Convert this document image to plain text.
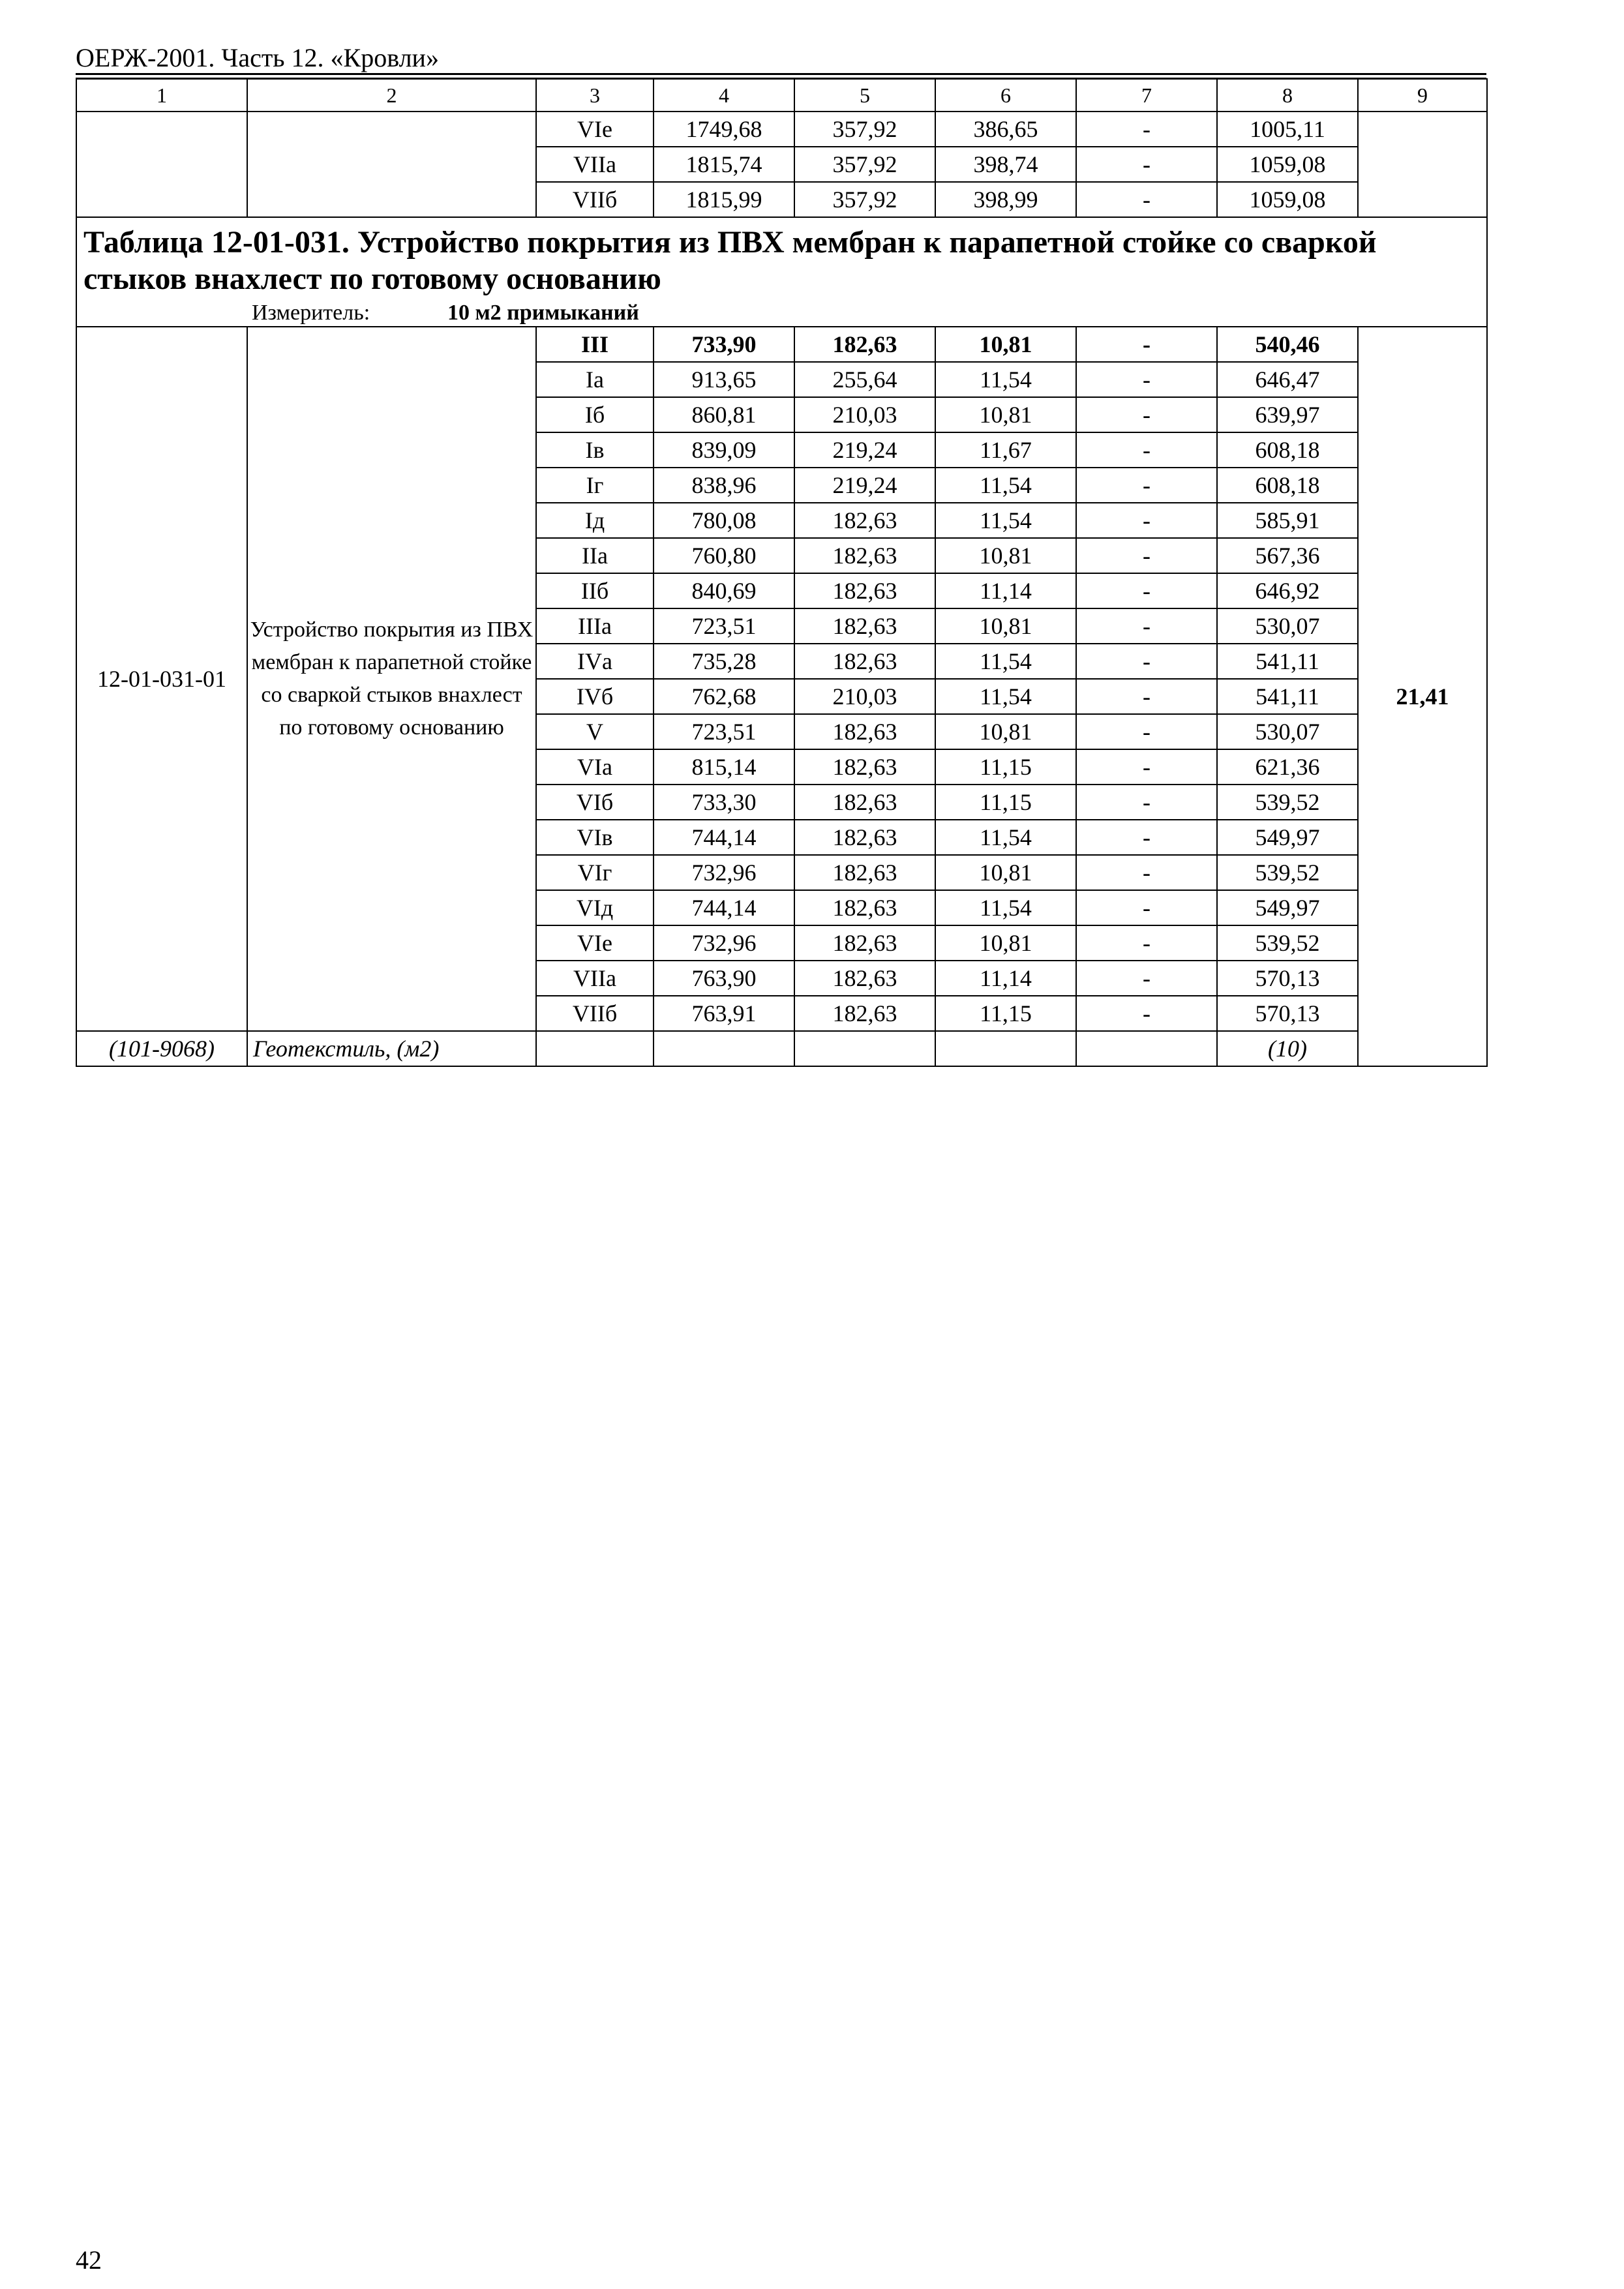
ОЕРЖ-2001. Часть 12. «Кровли»
1	2	3	4	5	6	7	8	9
		VIе	1749,68	357,92	386,65	-	1005,11	
		VIIа	1815,74	357,92	398,74	-	1059,08	
		VIIб	1815,99	357,92	398,99	-	1059,08	

Таблица 12-01-031. Устройство покрытия из ПВХ мембран к парапетной стойке со сваркой стыков внахлест по готовому основанию
Измеритель: 10 м2 примыканий								

12-01-031-01	Устройство покрытия из ПВХ мембран к парапетной стойке со сваркой стыков внахлест по готовому основанию	III	733,90	182,63	10,81	-	540,46	21,41
		Iа	913,65	255,64	11,54	-	646,47	
		Iб	860,81	210,03	10,81	-	639,97	
		Iв	839,09	219,24	11,67	-	608,18	
		Iг	838,96	219,24	11,54	-	608,18	
		Iд	780,08	182,63	11,54	-	585,91	
		IIа	760,80	182,63	10,81	-	567,36	
		IIб	840,69	182,63	11,14	-	646,92	
		IIIа	723,51	182,63	10,81	-	530,07	
		IVа	735,28	182,63	11,54	-	541,11	
		IVб	762,68	210,03	11,54	-	541,11	
		V	723,51	182,63	10,81	-	530,07	
		VIа	815,14	182,63	11,15	-	621,36	
		VIб	733,30	182,63	11,15	-	539,52	
		VIв	744,14	182,63	11,54	-	549,97	
		VIг	732,96	182,63	10,81	-	539,52	
		VIд	744,14	182,63	11,54	-	549,97	
		VIе	732,96	182,63	10,81	-	539,52	
		VIIа	763,90	182,63	11,14	-	570,13	
		VIIб	763,91	182,63	11,15	-	570,13	
(101-9068)	Геотекстиль, (м2)						(10)	
42
